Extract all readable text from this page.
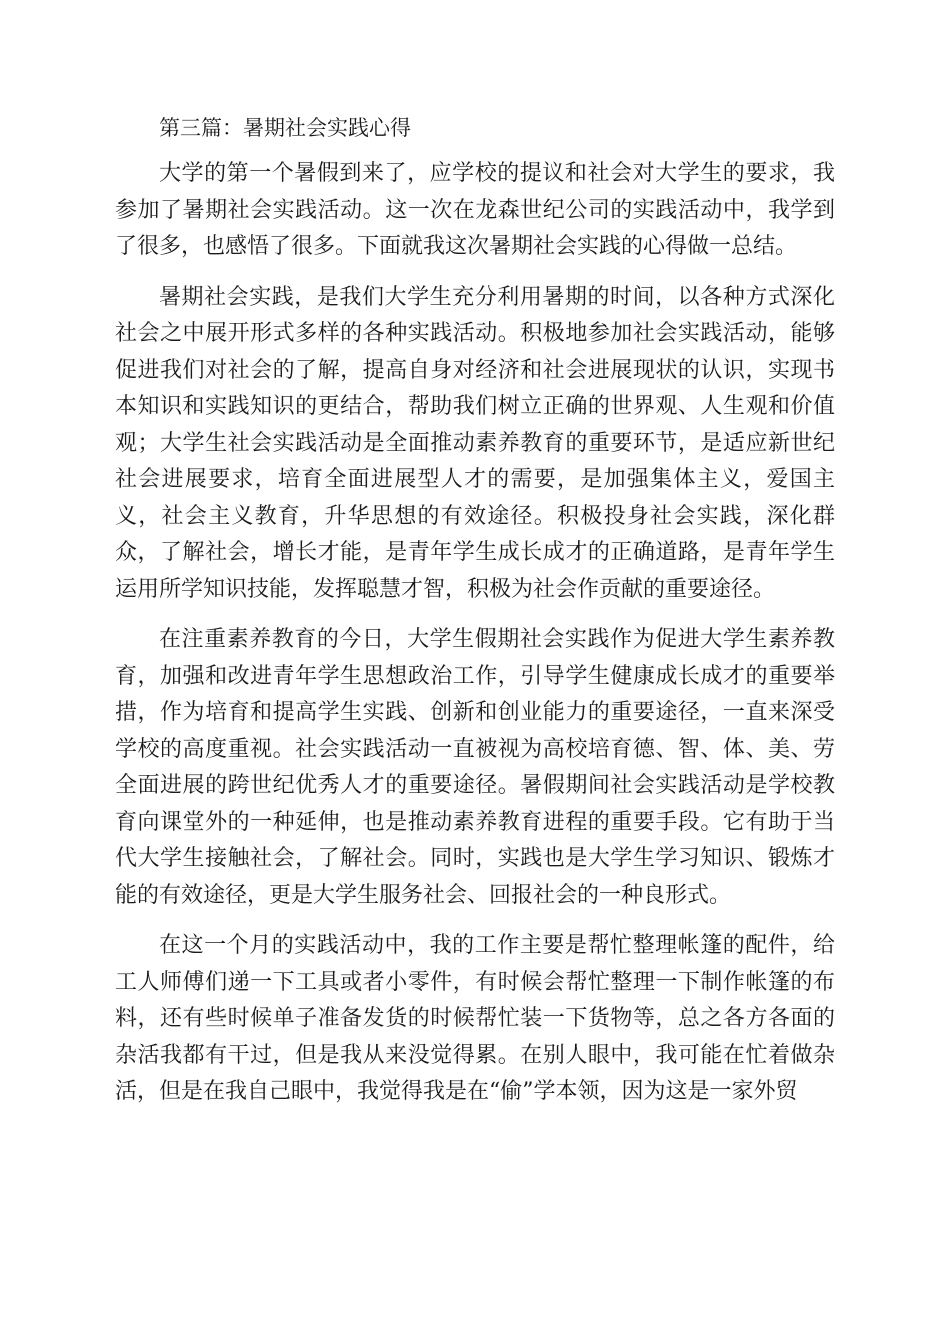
第三篇：暑期社会实践心得

大学的第一个暑假到来了，应学校的提议和社会对大学生的要求，我参加了暑期社会实践活动。这一次在龙森世纪公司的实践活动中，我学到了很多，也感悟了很多。下面就我这次暑期社会实践的心得做一总结。

暑期社会实践，是我们大学生充分利用暑期的时间，以各种方式深化社会之中展开形式多样的各种实践活动。积极地参加社会实践活动，能够促进我们对社会的了解，提高自身对经济和社会进展现状的认识，实现书本知识和实践知识的更结合，帮助我们树立正确的世界观、人生观和价值观；大学生社会实践活动是全面推动素养教育的重要环节，是适应新世纪社会进展要求，培育全面进展型人才的需要，是加强集体主义，爱国主义，社会主义教育，升华思想的有效途径。积极投身社会实践，深化群众，了解社会，增长才能，是青年学生成长成才的正确道路，是青年学生运用所学知识技能，发挥聪慧才智，积极为社会作贡献的重要途径。

在注重素养教育的今日，大学生假期社会实践作为促进大学生素养教育，加强和改进青年学生思想政治工作，引导学生健康成长成才的重要举措，作为培育和提高学生实践、创新和创业能力的重要途径，一直来深受学校的高度重视。社会实践活动一直被视为高校培育德、智、体、美、劳全面进展的跨世纪优秀人才的重要途径。暑假期间社会实践活动是学校教育向课堂外的一种延伸，也是推动素养教育进程的重要手段。它有助于当代大学生接触社会，了解社会。同时，实践也是大学生学习知识、锻炼才能的有效途径，更是大学生服务社会、回报社会的一种良形式。

在这一个月的实践活动中，我的工作主要是帮忙整理帐篷的配件，给工人师傅们递一下工具或者小零件，有时候会帮忙整理一下制作帐篷的布料，还有些时候单子准备发货的时候帮忙装一下货物等，总之各方各面的杂活我都有干过，但是我从来没觉得累。在别人眼中，我可能在忙着做杂活，但是在我自己眼中，我觉得我是在“偷”学本领，因为这是一家外贸
